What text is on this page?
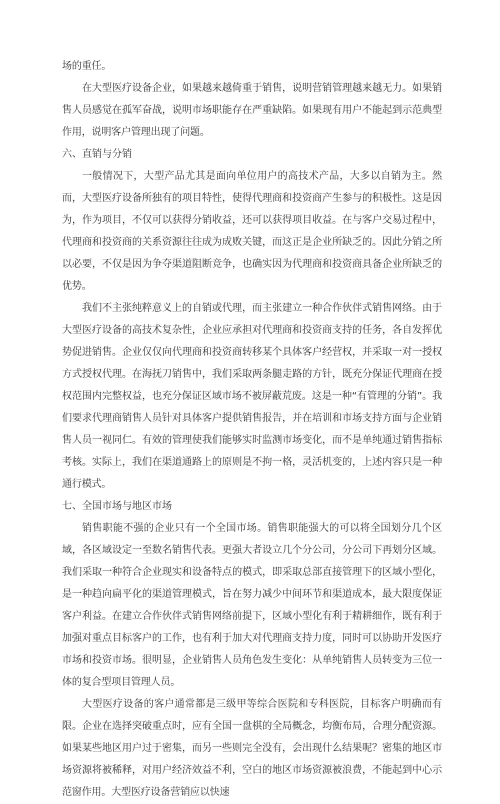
场的重任。

在大型医疗设备企业，如果越来越倚重于销售，说明营销管理越来越无力。如果销售人员感觉在孤军奋战，说明市场职能存在严重缺陷。如果现有用户不能起到示范典型作用，说明客户管理出现了问题。

六、直销与分销

一般情况下，大型产品尤其是面向单位用户的高技术产品，大多以自销为主。然而，大型医疗设备所独有的项目特性，使得代理商和投资商产生参与的积极性。这是因为，作为项目，不仅可以获得分销收益，还可以获得项目收益。在与客户交易过程中，代理商和投资商的关系资源往往成为成败关键，而这正是企业所缺乏的。因此分销之所以必要，不仅是因为争夺渠道阻断竞争，也确实因为代理商和投资商具备企业所缺乏的优势。

我们不主张纯粹意义上的自销或代理，而主张建立一种合作伙伴式销售网络。由于大型医疗设备的高技术复杂性，企业应承担对代理商和投资商支持的任务，各自发挥优势促进销售。企业仅仅向代理商和投资商转移某个具体客户经营权，并采取一对一授权方式授权代理。在海抚刀销售中，我们采取两条腿走路的方针，既充分保证代理商在授权范围内完整权益，也充分保证区域市场不被屏蔽荒废。这是一种“有管理的分销”。我们要求代理商销售人员针对具体客户提供销售报告，并在培训和市场支持方面与企业销售人员一视同仁。有效的管理使我们能够实时监测市场变化，而不是单纯通过销售指标考核。实际上，我们在渠道通路上的原则是不拘一格，灵活机变的，上述内容只是一种通行模式。

七、全国市场与地区市场

销售职能不强的企业只有一个全国市场。销售职能强大的可以将全国划分几个区域，各区域设定一至数名销售代表。更强大者设立几个分公司，分公司下再划分区域。我们采取一种符合企业现实和设备特点的模式，即采取总部直接管理下的区域小型化，是一种趋向扁平化的渠道管理模式，旨在努力减少中间环节和渠道成本，最大限度保证客户利益。在建立合作伙伴式销售网络前提下，区域小型化有利于精耕细作，既有利于加强对重点目标客户的工作，也有利于加大对代理商支持力度，同时可以协助开发医疗市场和投资市场。很明显，企业销售人员角色发生变化：从单纯销售人员转变为三位一体的复合型项目管理人员。

大型医疗设备的客户通常都是三级甲等综合医院和专科医院，目标客户明确而有限。企业在选择突破重点时，应有全国一盘棋的全局概念，均衡布局，合理分配资源。如果某些地区用户过于密集，而另一些则完全没有，会出现什么结果呢？密集的地区市场资源将被稀释，对用户经济效益不利，空白的地区市场资源被浪费，不能起到中心示范窗作用。大型医疗设备营销应以快速
